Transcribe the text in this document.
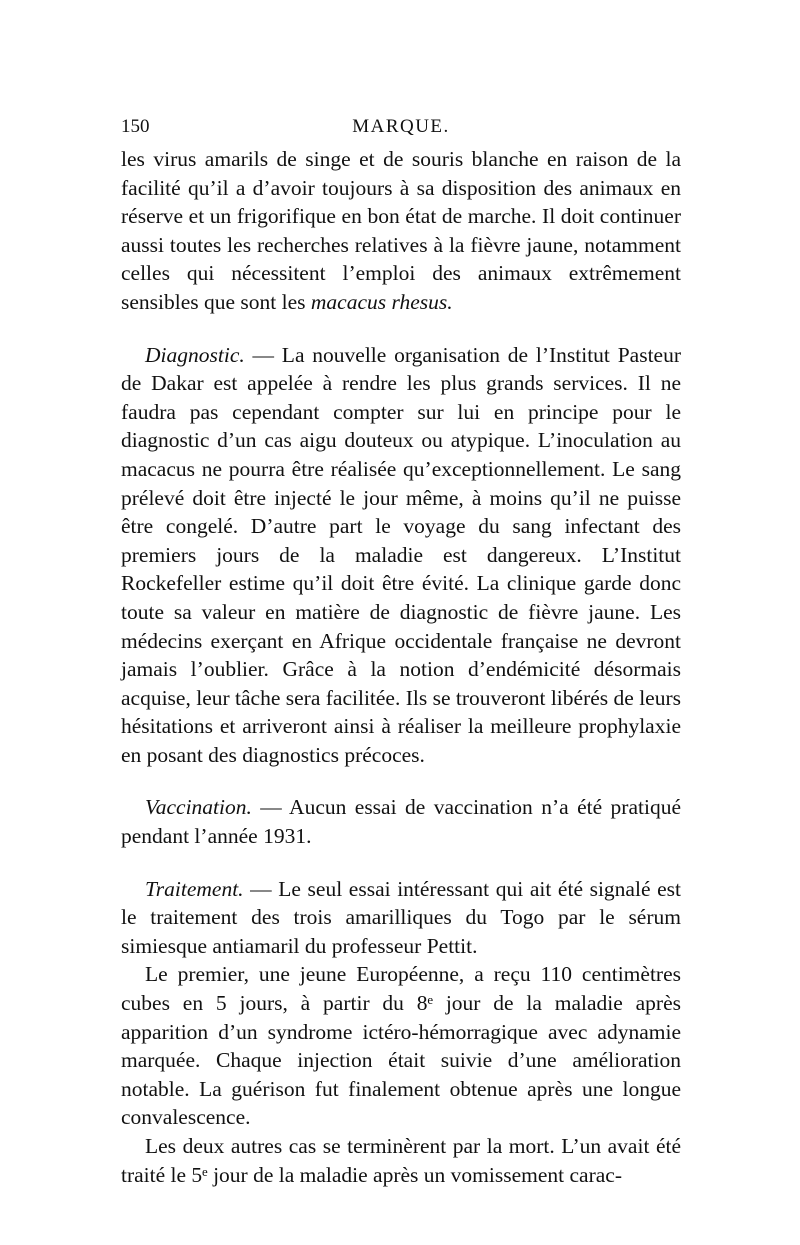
150	MARQUE.

les virus amarils de singe et de souris blanche en raison de la facilité qu’il a d’avoir toujours à sa disposition des animaux en réserve et un frigorifique en bon état de marche. Il doit continuer aussi toutes les recherches relatives à la fièvre jaune, notamment celles qui nécessitent l’emploi des animaux extrêmement sensibles que sont les macacus rhesus.

Diagnostic. — La nouvelle organisation de l’Institut Pasteur de Dakar est appelée à rendre les plus grands services. Il ne faudra pas cependant compter sur lui en principe pour le diagnostic d’un cas aigu douteux ou atypique. L’inoculation au macacus ne pourra être réalisée qu’exceptionnellement. Le sang prélevé doit être injecté le jour même, à moins qu’il ne puisse être congelé. D’autre part le voyage du sang infectant des premiers jours de la maladie est dangereux. L’Institut Rockefeller estime qu’il doit être évité. La clinique garde donc toute sa valeur en matière de diagnostic de fièvre jaune. Les médecins exerçant en Afrique occidentale française ne devront jamais l’oublier. Grâce à la notion d’endémicité désormais acquise, leur tâche sera facilitée. Ils se trouveront libérés de leurs hésitations et arriveront ainsi à réaliser la meilleure prophylaxie en posant des diagnostics précoces.

Vaccination. — Aucun essai de vaccination n’a été pratiqué pendant l’année 1931.

Traitement. — Le seul essai intéressant qui ait été signalé est le traitement des trois amarilliques du Togo par le sérum simiesque antiamaril du professeur Pettit.

Le premier, une jeune Européenne, a reçu 110 centimètres cubes en 5 jours, à partir du 8ᵉ jour de la maladie après apparition d’un syndrome ictéro-hémorragique avec adynamie marquée. Chaque injection était suivie d’une amélioration notable. La guérison fut finalement obtenue après une longue convalescence.

Les deux autres cas se terminèrent par la mort. L’un avait été traité le 5ᵉ jour de la maladie après un vomissement carac-
